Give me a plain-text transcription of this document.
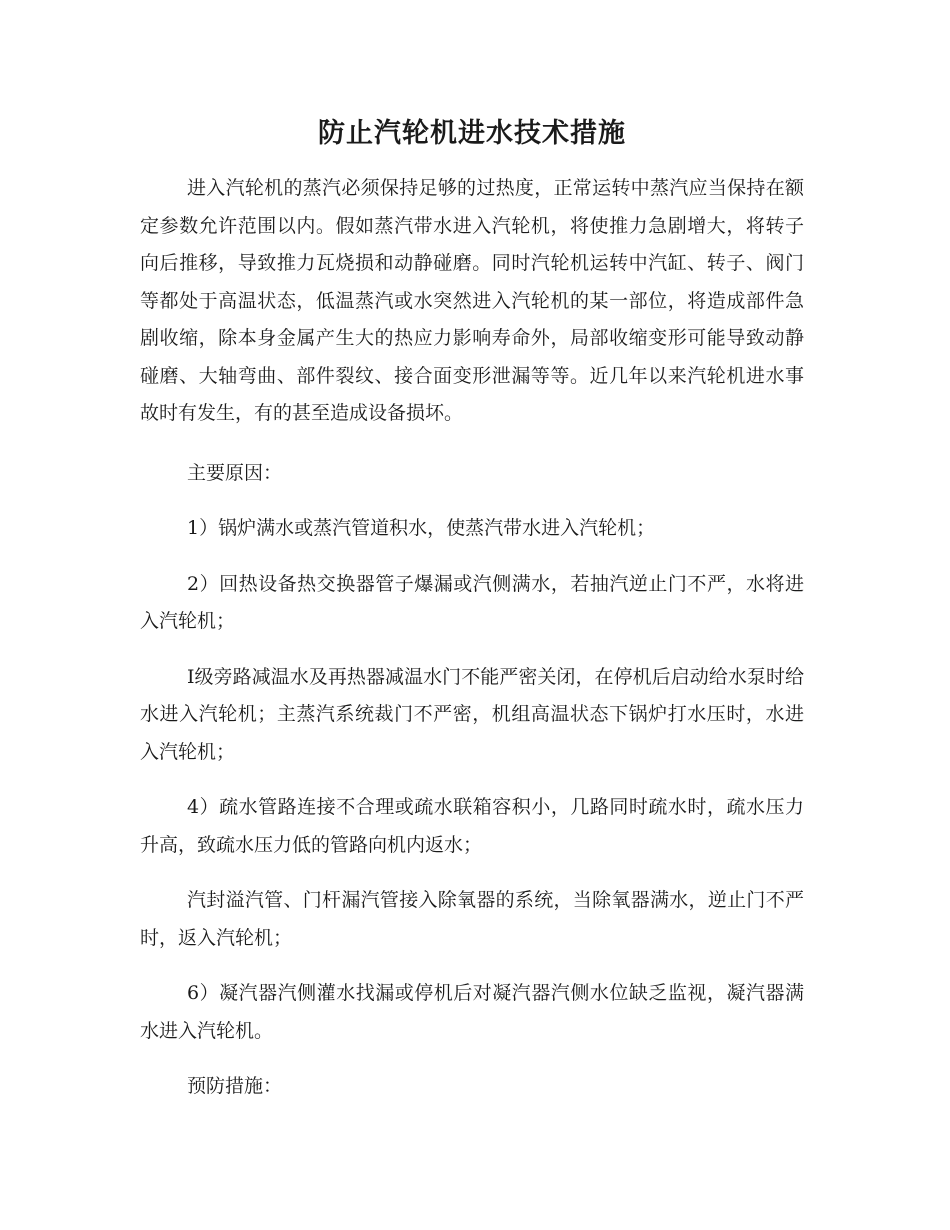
防止汽轮机进水技术措施

进入汽轮机的蒸汽必须保持足够的过热度，正常运转中蒸汽应当保持在额定参数允许范围以内。假如蒸汽带水进入汽轮机，将使推力急剧增大，将转子向后推移，导致推力瓦烧损和动静碰磨。同时汽轮机运转中汽缸、转子、阀门等都处于高温状态，低温蒸汽或水突然进入汽轮机的某一部位，将造成部件急剧收缩，除本身金属产生大的热应力影响寿命外，局部收缩变形可能导致动静碰磨、大轴弯曲、部件裂纹、接合面变形泄漏等等。近几年以来汽轮机进水事故时有发生，有的甚至造成设备损坏。

主要原因：

1）锅炉满水或蒸汽管道积水，使蒸汽带水进入汽轮机；

2）回热设备热交换器管子爆漏或汽侧满水，若抽汽逆止门不严，水将进入汽轮机；

I级旁路减温水及再热器减温水门不能严密关闭，在停机后启动给水泵时给水进入汽轮机；主蒸汽系统裁门不严密，机组高温状态下锅炉打水压时，水进入汽轮机；

4）疏水管路连接不合理或疏水联箱容积小，几路同时疏水时，疏水压力升高，致疏水压力低的管路向机内返水；

汽封溢汽管、门杆漏汽管接入除氧器的系统，当除氧器满水，逆止门不严时，返入汽轮机；

6）凝汽器汽侧灌水找漏或停机后对凝汽器汽侧水位缺乏监视，凝汽器满水进入汽轮机。

预防措施：
